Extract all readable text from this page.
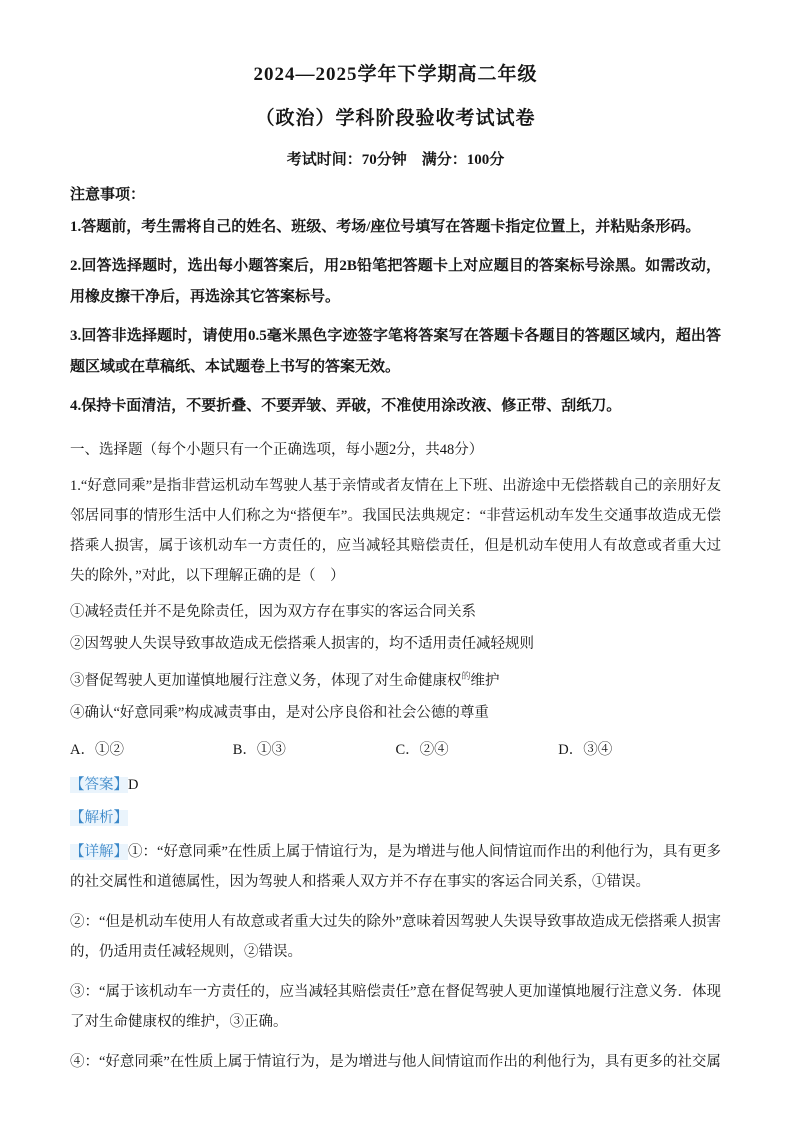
2024—2025学年下学期高二年级

（政治）学科阶段验收考试试卷

考试时间：70分钟　满分：100分

注意事项：

1.答题前，考生需将自己的姓名、班级、考场/座位号填写在答题卡指定位置上，并粘贴条形码。

2.回答选择题时，选出每小题答案后，用2B铅笔把答题卡上对应题目的答案标号涂黑。如需改动，用橡皮擦干净后，再选涂其它答案标号。

3.回答非选择题时，请使用0.5毫米黑色字迹签字笔将答案写在答题卡各题目的答题区域内，超出答题区域或在草稿纸、本试题卷上书写的答案无效。

4.保持卡面清洁，不要折叠、不要弄皱、弄破，不准使用涂改液、修正带、刮纸刀。

一、选择题（每个小题只有一个正确选项，每小题2分，共48分）

1.“好意同乘”是指非营运机动车驾驶人基于亲情或者友情在上下班、出游途中无偿搭载自己的亲朋好友邻居同事的情形生活中人们称之为“搭便车”。我国民法典规定：“非营运机动车发生交通事故造成无偿搭乘人损害，属于该机动车一方责任的，应当减轻其赔偿责任，但是机动车使用人有故意或者重大过失的除外，”对此，以下理解正确的是（　）

①减轻责任并不是免除责任，因为双方存在事实的客运合同关系

②因驾驶人失误导致事故造成无偿搭乘人损害的，均不适用责任减轻规则

③督促驾驶人更加谨慎地履行注意义务，体现了对生命健康权$^的$维护

④确认“好意同乘”构成减责事由，是对公序良俗和社会公德的尊重

A．①②	B．①③	C．②④	D．③④

【答案】D

【解析】

【详解】①：“好意同乘”在性质上属于情谊行为，是为增进与他人间情谊而作出的利他行为，具有更多的社交属性和道德属性，因为驾驶人和搭乘人双方并不存在事实的客运合同关系，①错误。

②：“但是机动车使用人有故意或者重大过失的除外”意味着因驾驶人失误导致事故造成无偿搭乘人损害的，仍适用责任减轻规则，②错误。

③：“属于该机动车一方责任的，应当减轻其赔偿责任”意在督促驾驶人更加谨慎地履行注意义务．体现了对生命健康权的维护，③正确。

④：“好意同乘”在性质上属于情谊行为，是为增进与他人间情谊而作出的利他行为，具有更多的社交属
